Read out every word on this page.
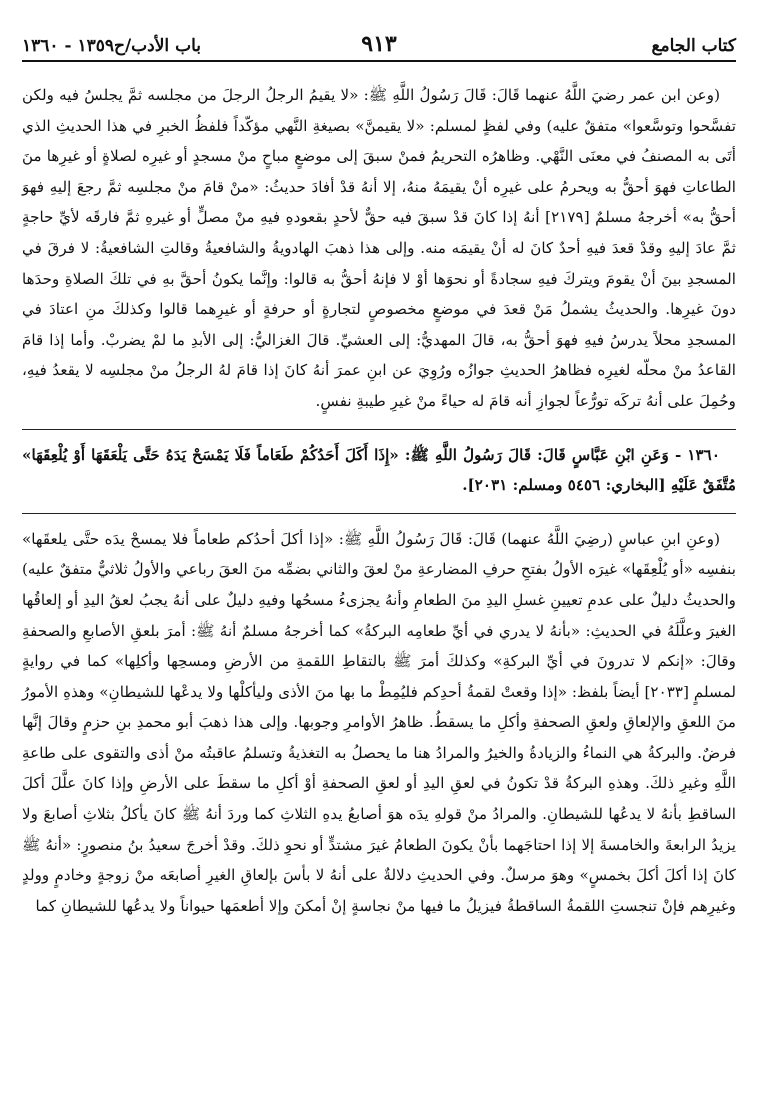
كتاب الجامع
٩١٣
باب الأدب/ح١٣٥٩ - ١٣٦٠

(وعن ابن عمر رضيَ اللَّهُ عنهما قَالَ: قَالَ رَسُولُ اللَّهِ ﷺ: «لا يقيمُ الرجلُ الرجلَ من مجلسه ثمَّ يجلسُ فيه ولكن تفسَّحوا وتوسَّعوا» متفقٌ عليه) وفي لفظٍ لمسلم: «لا يقيمنَّ» بصيغةِ النَّهي مؤكّداً فلفظُ الخبرِ في هذا الحديثِ الذي أتَى به المصنفُ في معنَى النَّهْي. وظاهرُه التحريمُ فمنْ سبقَ إلى موضعٍ مباحٍ منْ مسجدٍ أو غيرِه لصلاةٍ أو غيرِها منَ الطاعاتِ فهوَ أحقُّ به ويحرمُ على غيرِه أنْ يقيمَهُ منهُ، إلا أنهُ قدْ أفادَ حديثُ: «منْ قامَ منْ مجلسِه ثمَّ رجعَ إليهِ فهوَ أحقُّ به» أخرجهُ مسلمٌ [٢١٧٩] أنهُ إذا كانَ قدْ سبقَ فيه حقٌّ لأحدٍ بقعودهِ فيهِ منْ مصلٍّ أو غيرهِ ثمَّ فارقَه لأيِّ حاجةٍ ثمَّ عادَ إليهِ وقدْ قعدَ فيهِ أحدٌ كانَ له أنْ يقيمَه منه. وإلى هذا ذهبَ الهادويةُ والشافعيةُ وقالتِ الشافعيةُ: لا فرقَ في المسجدِ بينَ أنْ يقومَ ويتركَ فيهِ سجادةً أو نحوَها أوْ لا فإنهُ أحقُّ به قالوا: وإنَّما يكونُ أحقَّ بهِ في تلكَ الصلاةِ وحدَها دونَ غيرِها. والحديثُ يشملُ مَنْ قعدَ في موضعٍ مخصوصٍ لتجارةٍ أو حرفةٍ أو غيرِهما قالوا وكذلكَ منِ اعتادَ في المسجدِ محلاً يدرسُ فيهِ فهوَ أحقُّ به، قالَ المهديُّ: إلى العشيِّ. قالَ الغزاليُّ: إلى الأبدِ ما لمْ يضربْ. وأما إذا قامَ القاعدُ منْ محلّه لغيرِه فظاهرُ الحديثِ جوازُه ورُوِيَ عن ابنِ عمرَ أنهُ كانَ إذا قامَ لهُ الرجلُ منْ مجلسِه لا يقعدُ فيهِ، وحُمِلَ على أنهُ تركَه تورُّعاً لجوازِ أنه قامَ له حياءً منْ غيرِ طيبةِ نفسٍ.

١٣٦٠ - وَعَنِ ابْنِ عَبَّاسٍ قَالَ: قَالَ رَسُولُ اللَّهِ ﷺ: «إِذَا أَكَلَ أَحَدُكُمْ طَعَاماً فَلَا يَمْسَحْ يَدَهُ حَتَّى يَلْعَقَهَا أَوْ يُلْعِقَهَا» مُتَّفَقٌ عَلَيْهِ [البخاري: ٥٤٥٦ ومسلم: ٢٠٣١].

(وعنِ ابنِ عباسٍ (رضِيَ اللَّهُ عنهما) قَالَ: قَالَ رَسُولُ اللَّهِ ﷺ: «إذا أكلَ أحدُكم طعاماً فلا يمسحْ يدَه حتَّى يلعقَها» بنفسِه «أو يُلْعِقَها» غيرَه الأولُ بفتحِ حرفِ المضارعةِ منْ لعقَ والثاني بضمِّه منَ العقَ رباعي والأولُ ثلاثيٌّ متفقٌ عليه) والحديثُ دليلٌ على عدمِ تعيينِ غسلِ اليدِ منَ الطعامِ وأنهُ يجزىءُ مسحُها وفيهِ دليلٌ على أنهُ يجبُ لعقُ اليدِ أو إلعاقُها الغيرَ وعلَّلَهُ في الحديثِ: «بأنهُ لا يدري في أيِّ طعامِه البركةُ» كما أخرجهُ مسلمٌ أنهُ ﷺ: أمرَ بلعقِ الأصابعِ والصحفةِ وقالَ: «إنكم لا تدرونَ في أيِّ البركةِ» وكذلكَ أمرَ ﷺ بالتقاطِ اللقمةِ من الأرضِ ومسحِها وأكلِها» كما في روايةٍ لمسلمٍ [٢٠٣٣] أيضاً بلفظ: «إذا وقعتْ لقمةُ أحدِكم فليُمِطْ ما بها منَ الأذى وليأكلْها ولا يدعْها للشيطانِ» وهذهِ الأمورُ منَ اللعقِ والإلعاقِ ولعقِ الصحفةِ وأكلِ ما يسقطُ. ظاهرُ الأوامرِ وجوبها. وإلى هذا ذهبَ أبو محمدِ بنِ حزمٍ وقالَ إنَّها فرضٌ. والبركةُ هي النماءُ والزيادةُ والخيرُ والمرادُ هنا ما يحصلُ به التغذيةُ وتسلمُ عاقبتُه منْ أذى والتقوى على طاعةِ اللَّهِ وغيرِ ذلكَ. وهذهِ البركةُ قدْ تكونُ في لعقِ اليدِ أو لعقِ الصحفةِ أوْ أكلِ ما سقطَ على الأرضِ وإذا كانَ علَّلَ أكلَ الساقطِ بأنهُ لا يدعُها للشيطانِ. والمرادُ منْ قولهِ يدَه هوَ أصابعُ يدهِ الثلاثِ كما وردَ أنهُ ﷺ كانَ يأكلُ بثلاثِ أصابعَ ولا يزيدُ الرابعةَ والخامسةَ إلا إذا احتاجَهما بأنْ يكونَ الطعامُ غيرَ مشتدٍّ أو نحوِ ذلكَ. وقدْ أخرجَ سعيدُ بنُ منصورٍ: «أنهُ ﷺ كانَ إذا أكلَ أكلَ بخمسٍ» وهوَ مرسلٌ. وفي الحديثِ دلالةٌ على أنهُ لا بأسَ بإلعاقِ الغيرِ أصابعَه منْ زوجةٍ وخادمٍ وولدٍ وغيرِهم فإنْ تنجستِ اللقمةُ الساقطةُ فيزيلُ ما فيها منْ نجاسةٍ إنْ أمكنَ وإلا أطعمَها حيواناً ولا يدعُها للشيطانِ كما
